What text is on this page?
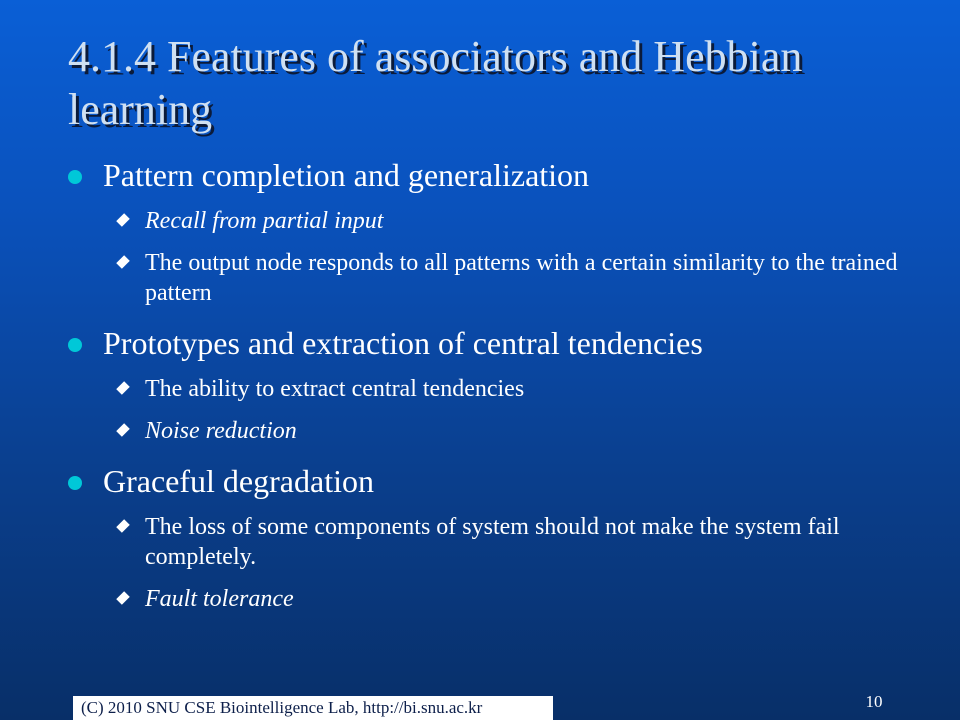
4.1.4 Features of associators and Hebbian learning
Pattern completion and generalization
Recall from partial input
The output node responds to all patterns with a certain similarity to the trained pattern
Prototypes and extraction of central tendencies
The ability to extract central tendencies
Noise reduction
Graceful degradation
The loss of some components of system should not make the system fail completely.
Fault tolerance
(C) 2010 SNU CSE Biointelligence Lab, http://bi.snu.ac.kr	10
